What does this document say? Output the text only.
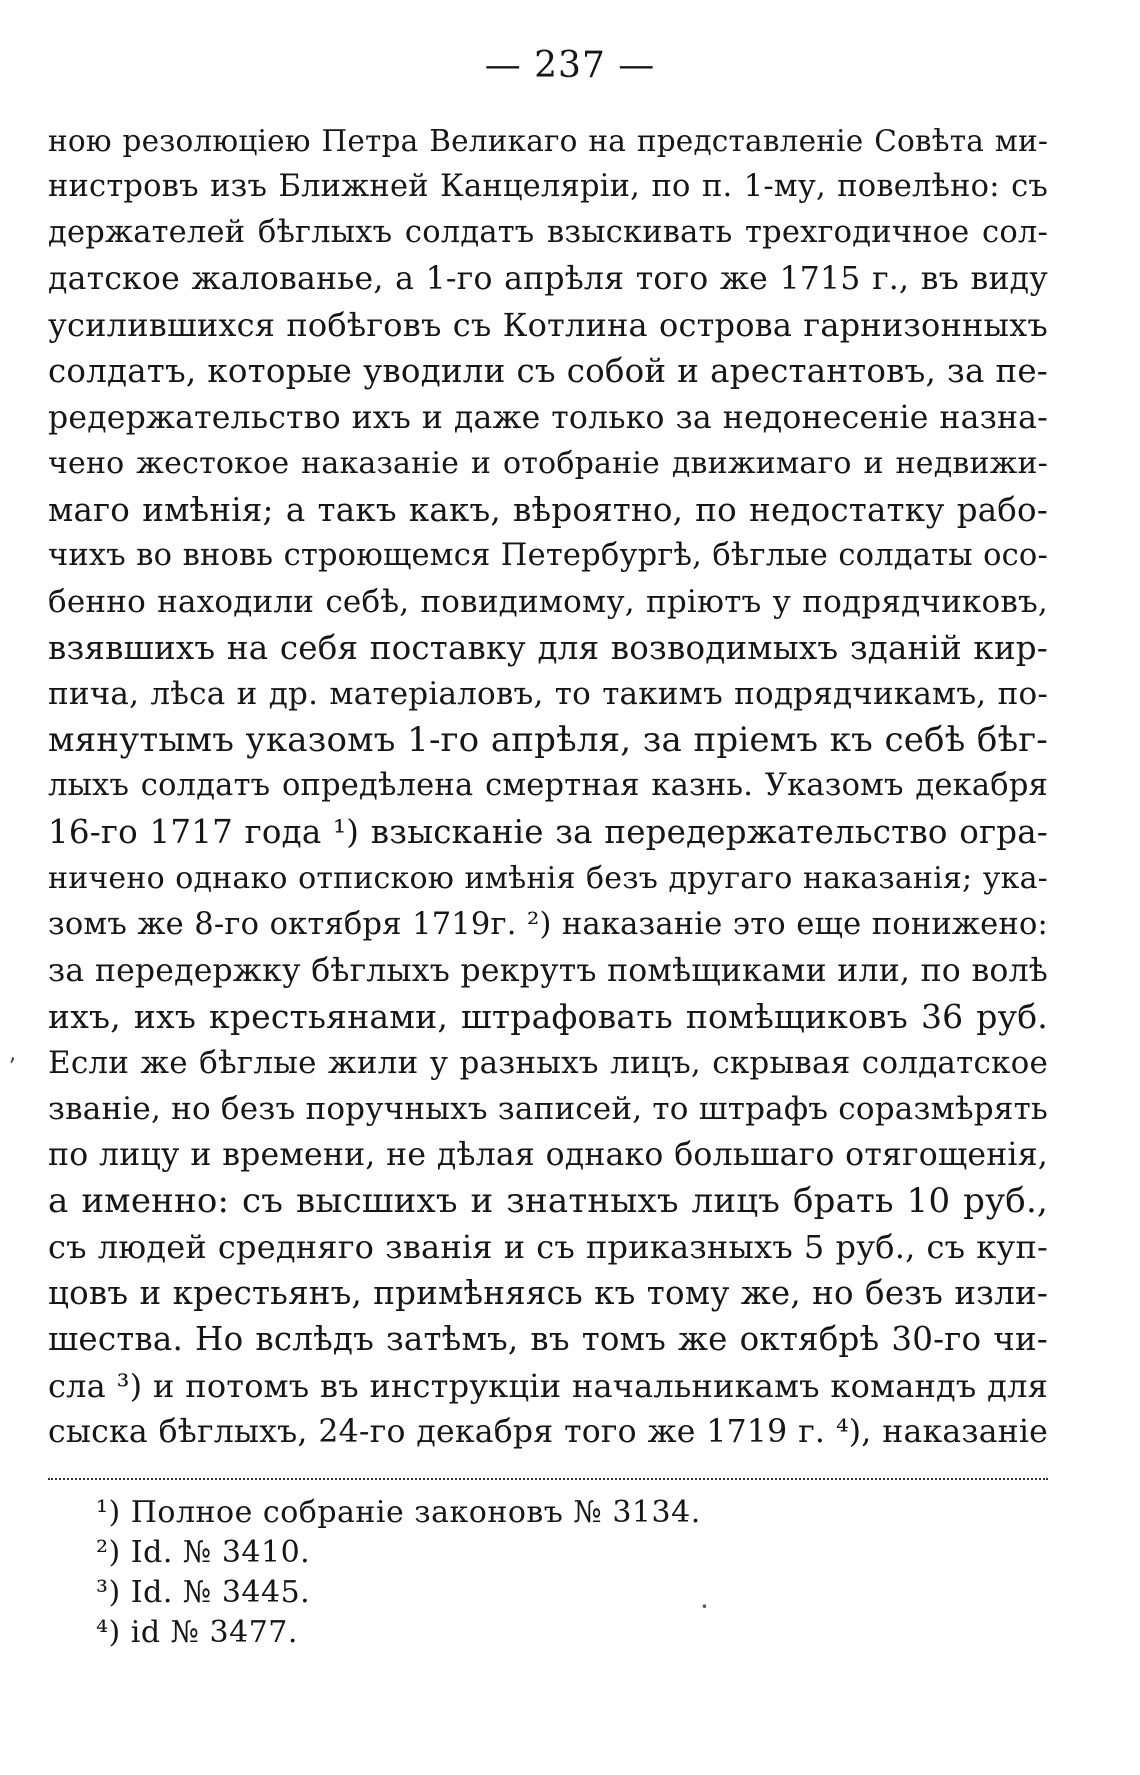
— 237 —
ʼ
ною резолюціею Петра Великаго на представленіе Совѣта ми-
нистровъ изъ Ближней Канцеляріи, по п. 1-му, повелѣно: съ
держателей бѣглыхъ солдатъ взыскивать трехгодичное сол-
датское жалованье, а 1-го апрѣля того же 1715 г., въ виду
усилившихся побѣговъ съ Котлина острова гарнизонныхъ
солдатъ, которые уводили съ собой и арестантовъ, за пе-
редержательство ихъ и даже только за недонесеніе назна-
чено жестокое наказаніе и отобраніе движимаго и недвижи-
маго имѣнія; а такъ какъ, вѣроятно, по недостатку рабо-
чихъ во вновь строющемся Петербургѣ, бѣглые солдаты осо-
бенно находили себѣ, повидимому, пріютъ у подрядчиковъ,
взявшихъ на себя поставку для возводимыхъ зданій кир-
пича, лѣса и др. матеріаловъ, то такимъ подрядчикамъ, по-
мянутымъ указомъ 1-го апрѣля, за пріемъ къ себѣ бѣг-
лыхъ солдатъ опредѣлена смертная казнь. Указомъ декабря
16-го 1717 года ¹) взысканіе за передержательство огра-
ничено однако отпискою имѣнія безъ другаго наказанія; ука-
зомъ же 8-го октября 1719г. ²) наказаніе это еще понижено:
за передержку бѣглыхъ рекрутъ помѣщиками или, по волѣ
ихъ, ихъ крестьянами, штрафовать помѣщиковъ 36 руб.
Если же бѣглые жили у разныхъ лицъ, скрывая солдатское
званіе, но безъ поручныхъ записей, то штрафъ соразмѣрять
по лицу и времени, не дѣлая однако большаго отягощенія,
а именно: съ высшихъ и знатныхъ лицъ брать 10 руб.,
съ людей средняго званія и съ приказныхъ 5 руб., съ куп-
цовъ и крестьянъ, примѣняясь къ тому же, но безъ изли-
шества. Но вслѣдъ затѣмъ, въ томъ же октябрѣ 30-го чи-
сла ³) и потомъ въ инструкціи начальникамъ командъ для
сыска бѣглыхъ, 24-го декабря того же 1719 г. ⁴), наказаніе
¹) Полное собраніе законовъ № 3134.
²) Id. № 3410.
³) Id. № 3445.
⁴) id № 3477.
·
